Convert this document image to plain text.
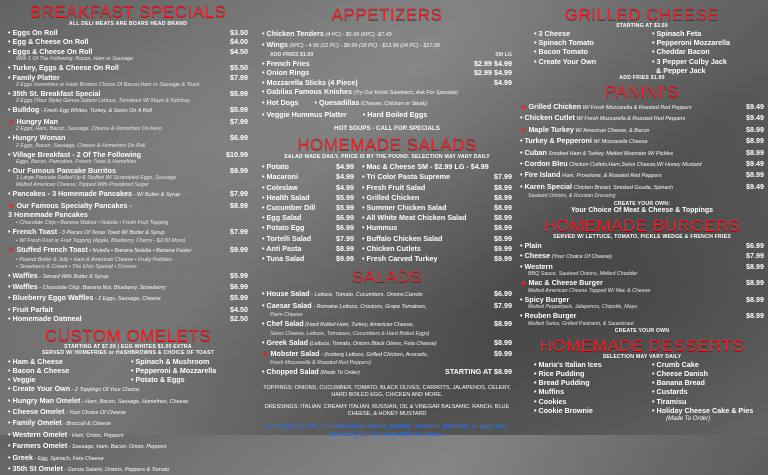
BREAKFAST SPECIALS
ALL DELI MEATS ARE BOARS HEAD BRAND
• Eggs On Roll	$3.50
• Egg & Cheese On Roll	$4.00
• Eggs & Cheese On Roll	$4.50
With 1 Of The Following: Bacon, Ham or Sausage
• Turkey, Eggs & Cheese On Roll	$5.50
• Family Platter	$7.99
2 Eggs Homefries or Hash Browns Choice Of Bacon,Ham or Sausage & Toast
• 35th St. Breakfast Special	$5.99
2 Eggs (Your Style) Genoa Salami Lettuce, Tomatoes W/ Mayo & Ketchup
• Bulldog - Fresh Egg Whites, Turkey, & Swiss On A Roll	$5.99
★ Hungry Man	$7.99
2 Eggs, Ham, Bacon, Sausage, Cheese & Homefries On Hero
• Hungry Woman	$6.99
2 Eggs, Bacon, Sausage, Cheese & Homefries On Roll
• Village Breakfast - 2 Of The Following	$10.99
Eggs, Bacon, Pancakes, French Toast & Homefries
• Our Famous Pancake Burritos	$9.99
1 Large Pancake Rolled Up & Stuffed W/ Scrambled Eggs, Sausage
Melted American Cheese, Topped With Powdered Sugar
• Pancakes - 3 Homemade Pancakes - W/ Butter & Syrup	$7.99
★ Our Famous Specialty Pancakes -	$8.99
3 Homemade Pancakes
• Chocolate Chip • Banana Walnut • Nutella • Fresh Fruit Topping
• French Toast - 3 Pieces Of Texas Toast W/ Butter & Syrup	$7.99
• W/ Fresh Fruit or Fruit Topping (Apple, Blueberry, Cherry - $2.00 More)
★ Stuffed French Toast • Nutella • Banana Nutella • Banana Foster	$9.99
• Peanut Butter & Jelly • Ham & American Cheese • Fruity Pebbles
• Strawberry & Cream • The Elvis Special • S'mores
• Waffles - Served With Butter & Syrup	$5.99
• Waffles - Chocolate Chip, Banana Nut, Blueberry, Strawberry	$6.99
• Blueberry Eggo Waffles - 2 Eggs, Sausage, Cheese	$5.99
• Fruit Parfait	$4.50
• Homemade Oatmeal	$2.50
CUSTOM OMELETS
STARTING AT $7.99 | EGG WHITES $1.00 EXTRA
SERVED W/ HOMEFRIES or HASHBROWNS & CHOICE OF TOAST
• Ham & Cheese	• Spinach & Mushroom
• Bacon & Cheese	• Pepperoni & Mozzarella
• Veggie	• Potato & Eggs
• Create Your Own - 2 Toppings Of Your Choice.
• Hungry Man Omelet - Ham, Bacon, Sausage, Homefries, Cheese
• Cheese Omelet - Your Choice Of Cheese
• Family Omelet - Broccoli & Cheese
• Western Omelet - Ham, Onion, Peppers
• Farmers Omelet - Sausage, Ham, Bacon, Onion, Peppers
• Greek - Egg, Spinach, Feta Cheese
• 35th St Omelet - Genoa Salami, Onions, Peppers & Tomato
APPETIZERS
• Chicken Tenders (4 PC) - $5.99 (6PC) -$7.49
• Wings (6PC) - 4.99 (12 PC) - $8.99 (18 PC) - $13.99 (24 PC) - $17.99
ADD FRIES $1.99	SM LG
• French Fries	$2.99 $4.99
• Onion Rings	$2.99 $4.99
• Mozzarella Sticks (4 Piece)	$4.99
• Gabilas Famous Knishes (Try Our Knish Sandwich, Ask For Specials)
• Hot Dogs • Quesadillas (Cheese, Chicken or Steak)
• Veggie Hummus Platter • Hard Boiled Eggs
HOT SOUPS - CALL FOR SPECIALS
HOMEMADE SALADS
SALAD MADE DAILY, PRICE IS BY THE POUND. SELECTION MAY VARY DAILY
• Potato	$4.99
• Macaroni	$4.99
• Coleslaw	$4.99
• Health Salad	$5.99
• Cucumber Dill	$5.99
• Egg Salad	$6.99
• Potato Egg	$6.99
• Tortelli Salad	$7.99
• Anti Pasta	$8.99
• Tuna Salad	$9.99
• Mac & Cheese SM - $2.99 LG - $4.99
• Tri Color Pasta Supreme	$7.99
• Fresh Fruit Salad	$8.99
• Grilled Chicken	$8.99
• Summer Chicken Salad	$8.99
• All White Meat Chicken Salad	$8.99
• Hummus	$8.99
• Buffalo Chicken Salad	$8.99
• Chicken Cutlets	$9.99
• Fresh Carved Turkey	$9.99
SALADS
• House Salad - Lettuce, Tomato, Cucumbers, Onions,Carrots	$6.99
• Caesar Salad - Romaine Lettuce, Croutons, Grape Tomatoes,	$7.99
Parm Cheese
• Chef Salad (Hard Rolled Ham, Turkey, American Cheese,	$8.99
Swiss Cheese, Lettuce, Tomatoes, Cucumbers & Hard Boiled Eggs)
• Greek Salad (Lettuce, Tomato, Onions Black Olives, Feta Cheese)	$8.99
★ Mobster Salad - (Iceberg Lettuce, Grilled Chicken, Avocado,	$9.99
Fresh Mozzarella & Roasted Red Peppers)
• Chopped Salad (Made To Order)	STARTING AT $8.99
TOPPINGS: ONIONS, CUCUMBER, TOMATO, BLACK OLIVES, CARROTS, JALAPENOS, CELERY, HARD BOILED EGG, CHICKEN AND MORE.
DRESSINGS: ITALIAN, CREAMY ITALIAN, RUSSIAN, OIL & VINEGAR BALSAMIC, RANCH, BLUE CHEESE, & HONEY MUSTARD
• Consuming raw or undercooked meats, poultry, seafood, shellfish, or eggs may increase your risk of foodborne illness.
GRILLED CHEESE
STARTING AT $3.50
• 3 Cheese	• Spinach Feta
• Spinach Tomato	• Pepperoni Mozzarella
• Bacon Tomato	• Cheddar Bacon
• Create Your Own	• 3 Pepper Colby Jack
& Pepper Jack
ADD FRIES $1.99
PANINI'S
★ Grilled Chicken W/ Fresh Mozzarella & Roasted Red Peppers	$9.49
• Chicken Cutlet W/ Fresh Mozzarella & Roasted Red Peppers	$9.49
★ Maple Turkey W/ American Cheese, & Bacon	$8.99
• Turkey & Pepperoni W/ Mozzarella Cheese	$8.99
• Cuban Smoked Ham & Turkey, Melted Muenster W/ Pickles	$8.99
• Cordon Bleu Chicken Cutlets,Ham,Swiss Cheese,W/ Honey Mustard	$9.49
• Fire Island Ham, Provolone, & Roasted Red Peppers	$8.99
• Karen Special Chicken Breast, Smoked Gouda, Spinach	$9.49
Sauteed Onions, & Russian Dressing
CREATE YOUR OWN:
Your Choice Of Meat & Cheese & Toppings
HOMEMADE BURGERS
SERVED W/ LETTUCE, TOMATO, PICKLE WEDGE & FRENCH FRIES
• Plain	$6.99
• Cheese (Your Choice Of Cheese)	$7.99
• Western	$8.99
BBQ Sauce, Sauteed Onions, Melted Cheddar
★ Mac & Cheese Burger	$8.99
Melted American Cheese Topped W/ Mac & Cheese
• Spicy Burger	$8.99
Melted Pepperjack, Jalapenos, Chipotle, Mayo
• Reuben Burger	$8.99
Melted Swiss, Grilled Pastrami, & Sauerkraut
CREATE YOUR OWN
HOMEMADE DESSERTS
SELECTION MAY VARY DAILY
• Maria's Italian Ices	• Crumb Cake
• Rice Pudding	• Cheese Danish
• Bread Pudding	• Banana Bread
• Muffins	• Custards
• Cookies	• Tiramisu
• Cookie Brownie	• Holiday Cheese Cake & Pies
(Made To Order)
